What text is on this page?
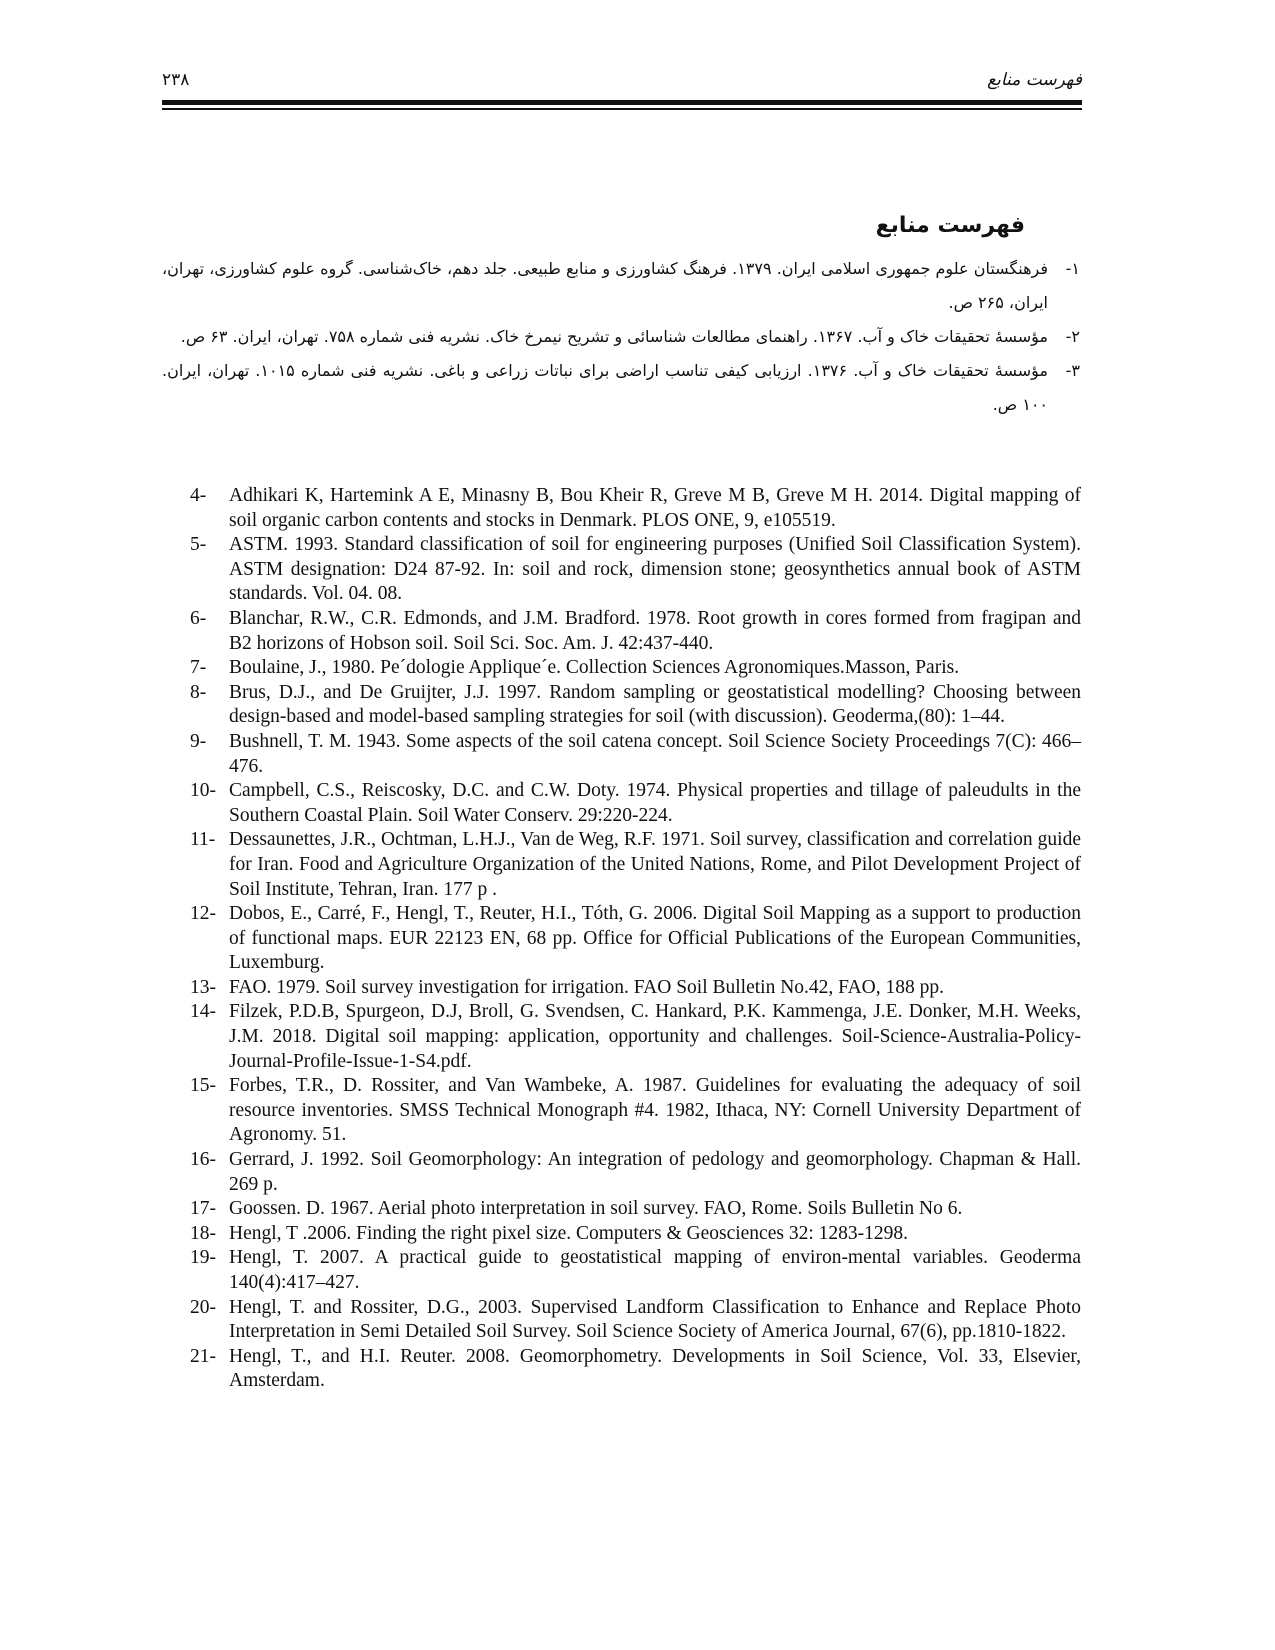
۲۳۸	فهرست منابع
فهرست منابع
۱-
فرهنگستان علوم جمهوری اسلامی ایران. ۱۳۷۹. فرهنگ کشاورزی و منابع طبیعی. جلد دهم، خاک‌شناسی. گروه علوم کشاورزی، تهران، ایران، ۲۶۵ ص.
۲-
مؤسسهٔ تحقیقات خاک و آب. ۱۳۶۷. راهنمای مطالعات شناسائی و تشریح نیمرخ خاک. نشریه فنی شماره ۷۵۸. تهران، ایران. ۶۳ ص.
۳-
مؤسسهٔ تحقیقات خاک و آب. ۱۳۷۶. ارزیابی کیفی تناسب اراضی برای نباتات زراعی و باغی. نشریه فنی شماره ۱۰۱۵. تهران، ایران. ۱۰۰ ص.
4- Adhikari K, Hartemink A E, Minasny B, Bou Kheir R, Greve M B, Greve M H. 2014. Digital mapping of soil organic carbon contents and stocks in Denmark. PLOS ONE, 9, e105519.
5- ASTM. 1993. Standard classification of soil for engineering purposes (Unified Soil Classification System). ASTM designation: D24 87-92. In: soil and rock, dimension stone; geosynthetics annual book of ASTM standards. Vol. 04. 08.
6- Blanchar, R.W., C.R. Edmonds, and J.M. Bradford. 1978. Root growth in cores formed from fragipan and B2 horizons of Hobson soil. Soil Sci. Soc. Am. J. 42:437-440.
7- Boulaine, J., 1980. Pe´dologie Applique´e. Collection Sciences Agronomiques.Masson, Paris.
8- Brus, D.J., and De Gruijter, J.J. 1997. Random sampling or geostatistical modelling? Choosing between design-based and model-based sampling strategies for soil (with discussion). Geoderma,(80): 1–44.
9- Bushnell, T. M. 1943. Some aspects of the soil catena concept. Soil Science Society Proceedings 7(C): 466–476.
10- Campbell, C.S., Reiscosky, D.C. and C.W. Doty. 1974. Physical properties and tillage of paleudults in the Southern Coastal Plain. Soil Water Conserv. 29:220-224.
11- Dessaunettes, J.R., Ochtman, L.H.J., Van de Weg, R.F. 1971. Soil survey, classification and correlation guide for Iran. Food and Agriculture Organization of the United Nations, Rome, and Pilot Development Project of Soil Institute, Tehran, Iran. 177 p .
12- Dobos, E., Carré, F., Hengl, T., Reuter, H.I., Tóth, G. 2006. Digital Soil Mapping as a support to production of functional maps. EUR 22123 EN, 68 pp. Office for Official Publications of the European Communities, Luxemburg.
13- FAO. 1979. Soil survey investigation for irrigation. FAO Soil Bulletin No.42, FAO, 188 pp.
14- Filzek, P.D.B, Spurgeon, D.J, Broll, G. Svendsen, C. Hankard, P.K. Kammenga, J.E. Donker, M.H. Weeks, J.M. 2018. Digital soil mapping: application, opportunity and challenges. Soil-Science-Australia-Policy-Journal-Profile-Issue-1-S4.pdf.
15- Forbes, T.R., D. Rossiter, and Van Wambeke, A. 1987. Guidelines for evaluating the adequacy of soil resource inventories. SMSS Technical Monograph #4. 1982, Ithaca, NY: Cornell University Department of Agronomy. 51.
16- Gerrard, J. 1992. Soil Geomorphology: An integration of pedology and geomorphology. Chapman & Hall. 269 p.
17- Goossen. D. 1967. Aerial photo interpretation in soil survey. FAO, Rome. Soils Bulletin No 6.
18- Hengl, T .2006. Finding the right pixel size. Computers & Geosciences 32: 1283-1298.
19- Hengl, T. 2007. A practical guide to geostatistical mapping of environ-mental variables. Geoderma 140(4):417–427.
20- Hengl, T. and Rossiter, D.G., 2003. Supervised Landform Classification to Enhance and Replace Photo Interpretation in Semi Detailed Soil Survey. Soil Science Society of America Journal, 67(6), pp.1810-1822.
21- Hengl, T., and H.I. Reuter. 2008. Geomorphometry. Developments in Soil Science, Vol. 33, Elsevier, Amsterdam.
